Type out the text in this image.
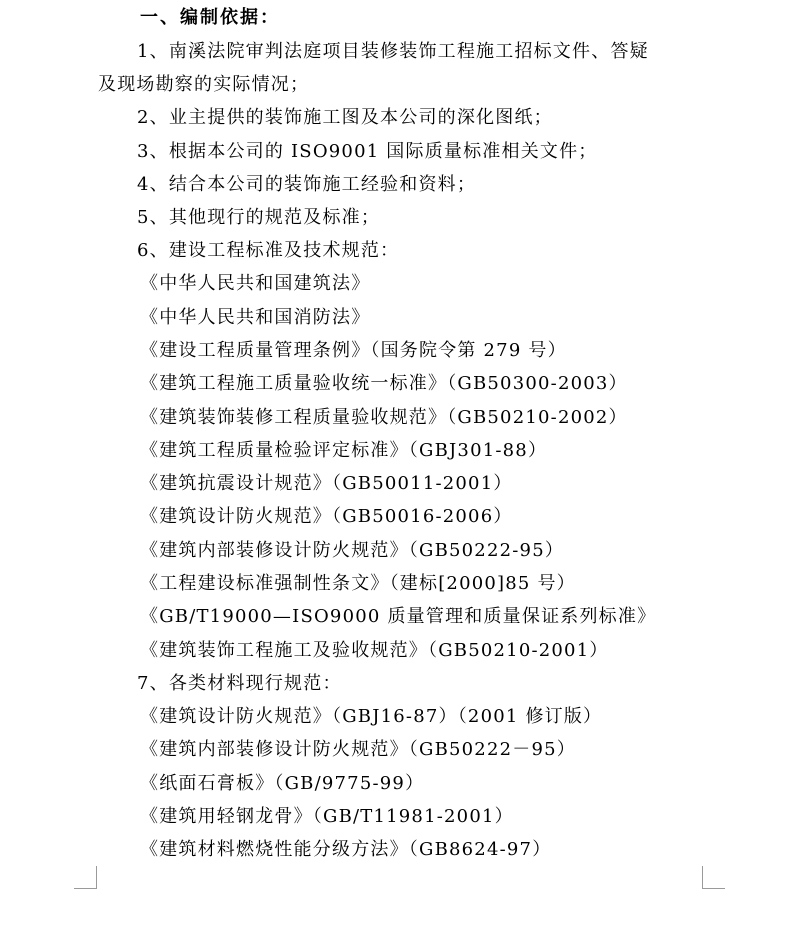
一、编制依据：
1、南溪法院审判法庭项目装修装饰工程施工招标文件、答疑
及现场勘察的实际情况；
2、业主提供的装饰施工图及本公司的深化图纸；
3、根据本公司的 ISO9001 国际质量标准相关文件；
4、结合本公司的装饰施工经验和资料；
5、其他现行的规范及标准；
6、建设工程标准及技术规范：
《中华人民共和国建筑法》
《中华人民共和国消防法》
《建设工程质量管理条例》（国务院令第 279 号）
《建筑工程施工质量验收统一标准》（GB50300-2003）
《建筑装饰装修工程质量验收规范》（GB50210-2002）
《建筑工程质量检验评定标准》（GBJ301-88）
《建筑抗震设计规范》（GB50011-2001）
《建筑设计防火规范》（GB50016-2006）
《建筑内部装修设计防火规范》（GB50222-95）
《工程建设标准强制性条文》（建标[2000]85 号）
《GB/T19000—ISO9000 质量管理和质量保证系列标准》
《建筑装饰工程施工及验收规范》（GB50210-2001）
7、各类材料现行规范：
《建筑设计防火规范》（GBJ16-87）（2001 修订版）
《建筑内部装修设计防火规范》（GB50222－95）
《纸面石膏板》（GB/9775-99）
《建筑用轻钢龙骨》（GB/T11981-2001）
《建筑材料燃烧性能分级方法》（GB8624-97）
